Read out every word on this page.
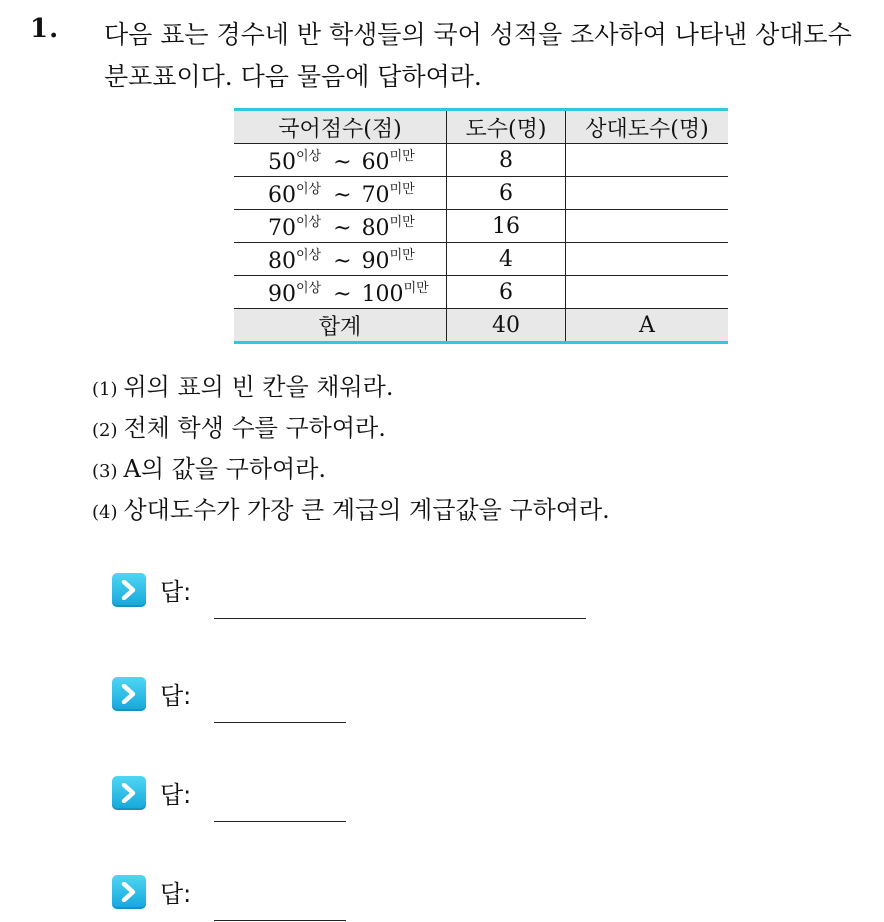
1. 다음 표는 경수네 반 학생들의 국어 성적을 조사하여 나타낸 상대도수 분포표이다. 다음 물음에 답하여라.
국어점수(점)	도수(명)	상대도수(명)
$50^{이상}$ ~ $60^{미만}$	8	
$60^{이상}$ ~ $70^{미만}$	6	
$70^{이상}$ ~ $80^{미만}$	16	
$80^{이상}$ ~ $90^{미만}$	4	
$90^{이상}$ ~ $100^{미만}$	6	
합계	40	A
(1) 위의 표의 빈 칸을 채워라.
(2) 전체 학생 수를 구하여라.
(3) A의 값을 구하여라.
(4) 상대도수가 가장 큰 계급의 계급값을 구하여라.
답:
답:
답:
답:
